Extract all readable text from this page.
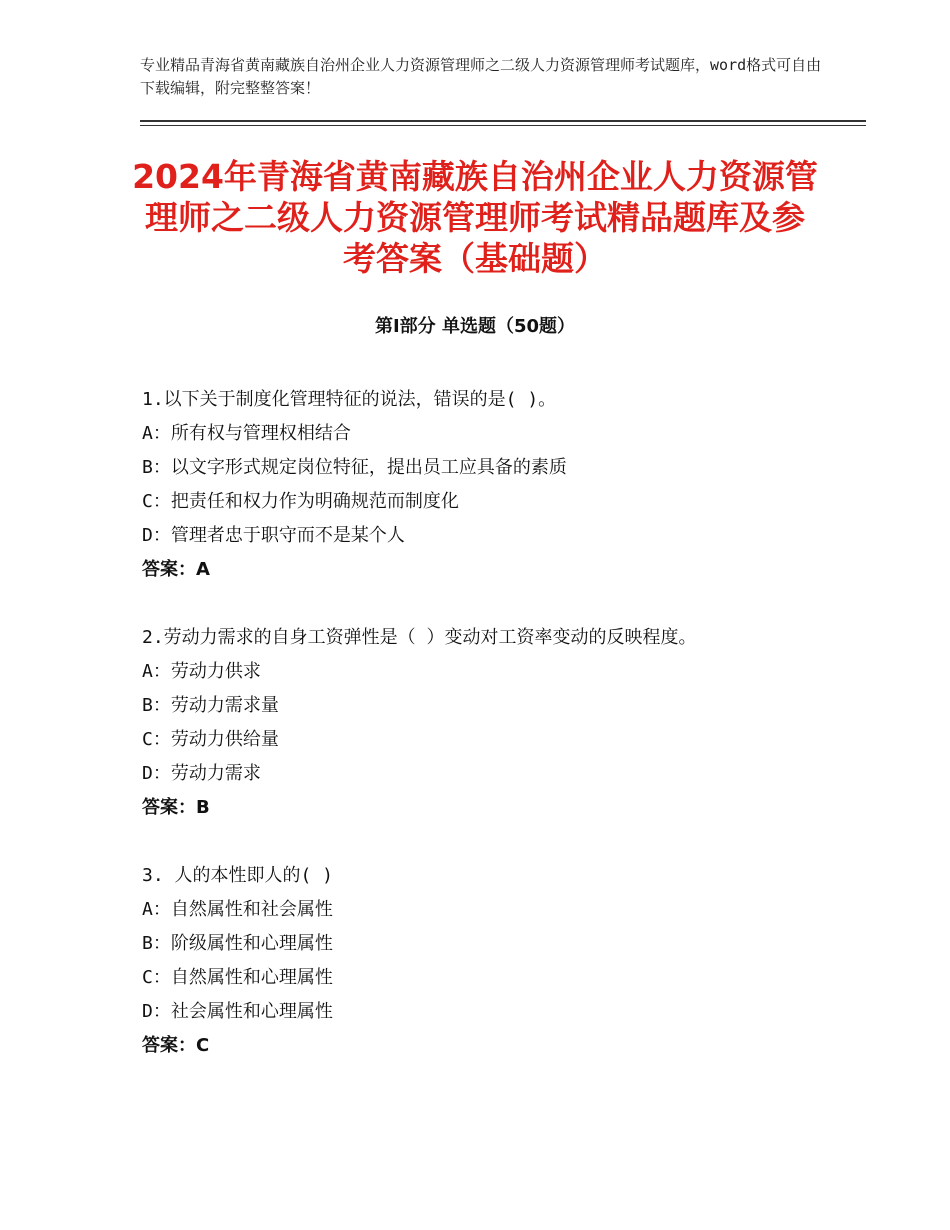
专业精品青海省黄南藏族自治州企业人力资源管理师之二级人力资源管理师考试题库，word格式可自由下载编辑，附完整整答案！
2024年青海省黄南藏族自治州企业人力资源管理师之二级人力资源管理师考试精品题库及参考答案（基础题）
第Ⅰ部分 单选题（50题）
1.以下关于制度化管理特征的说法，错误的是( )。
A：所有权与管理权相结合
B：以文字形式规定岗位特征，提出员工应具备的素质
C：把责任和权力作为明确规范而制度化
D：管理者忠于职守而不是某个人
答案：A
2.劳动力需求的自身工资弹性是（ ）变动对工资率变动的反映程度。
A：劳动力供求
B：劳动力需求量
C：劳动力供给量
D：劳动力需求
答案：B
3. 人的本性即人的( )
A：自然属性和社会属性
B：阶级属性和心理属性
C：自然属性和心理属性
D：社会属性和心理属性
答案：C
